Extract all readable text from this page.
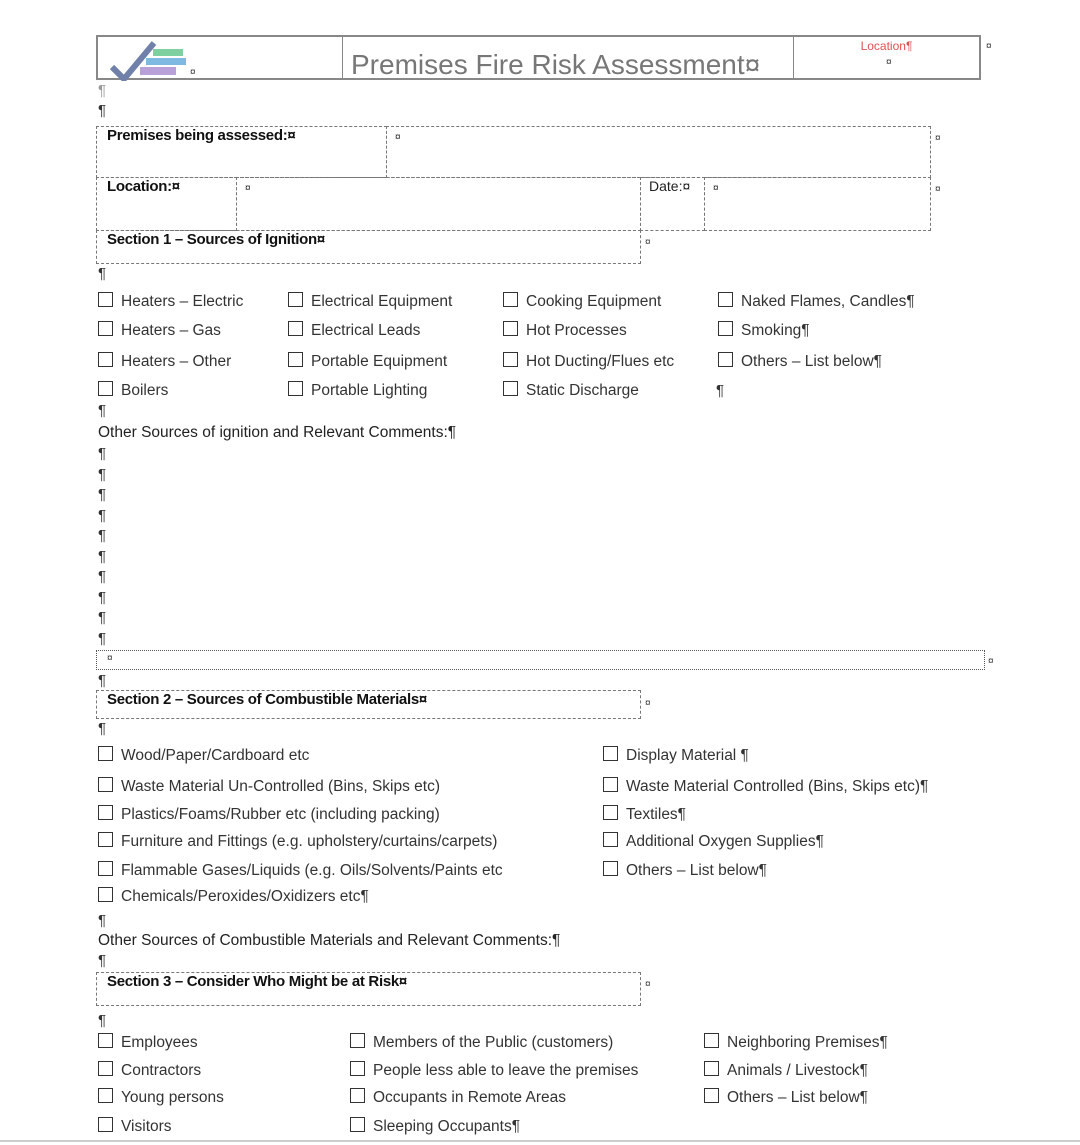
¤	Premises Fire Risk Assessment¤
Location¶
¤
¤
¶
¶
Premises being assessed:¤	¤
Location:¤	¤	Date:¤	¤
¤
¤
Section 1 – Sources of Ignition¤	¤
¶
Heaters – Electric
Heaters – Gas
Heaters – Other
Boilers
Electrical Equipment
Electrical Leads
Portable Equipment
Portable Lighting
Cooking Equipment
Hot Processes
Hot Ducting/Flues etc
Static Discharge
Naked Flames, Candles¶
Smoking¶
Others – List below¶
¶
¶
Other Sources of ignition and Relevant Comments:¶
¶
¶
¶
¶
¶
¶
¶
¶
¶
¶
¤	¤
¶
Section 2 – Sources of Combustible Materials¤	¤
¶
Wood/Paper/Cardboard etc
Waste Material Un-Controlled (Bins, Skips etc)
Plastics/Foams/Rubber etc (including packing)
Furniture and Fittings (e.g. upholstery/curtains/carpets)
Flammable Gases/Liquids (e.g. Oils/Solvents/Paints etc
Chemicals/Peroxides/Oxidizers etc¶
Display Material ¶
Waste Material Controlled (Bins, Skips etc)¶
Textiles¶
Additional Oxygen Supplies¶
Others – List below¶
¶
Other Sources of Combustible Materials and Relevant Comments:¶
¶
Section 3 – Consider Who Might be at Risk¤	¤
¶
Employees
Contractors
Young persons
Visitors
Members of the Public (customers)
People less able to leave the premises
Occupants in Remote Areas
Sleeping Occupants¶
Neighboring Premises¶
Animals / Livestock¶
Others – List below¶
